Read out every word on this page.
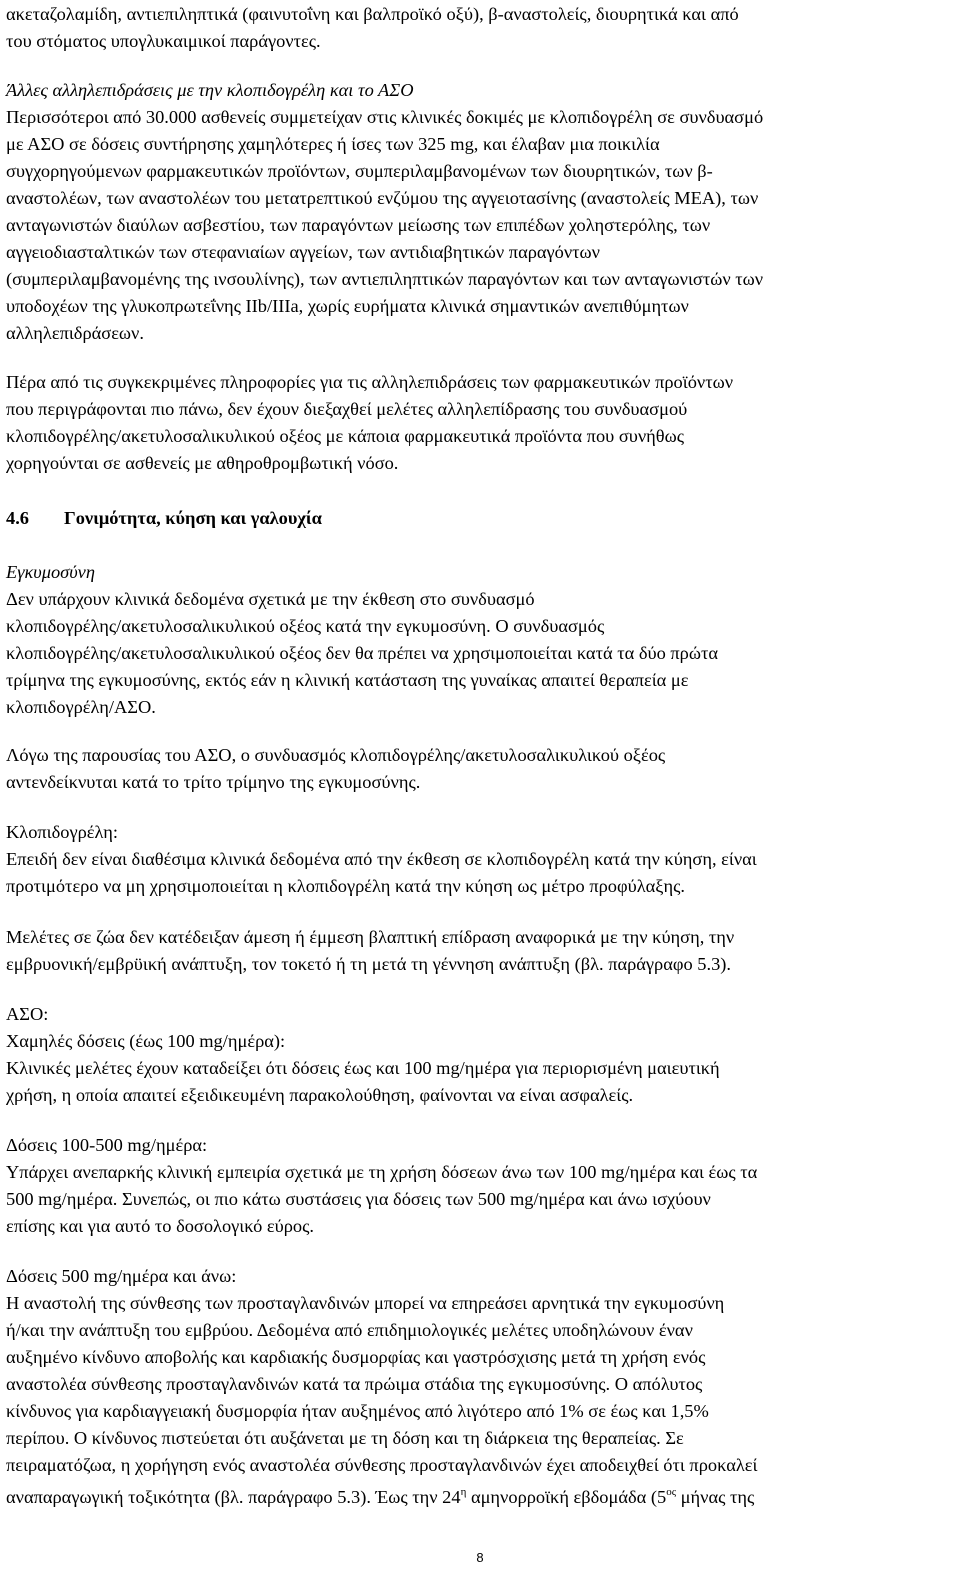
ακεταζολαμίδη, αντιεπιληπτικά (φαινυτοΐνη και βαλπροϊκό οξύ), β-αναστολείς, διουρητικά και από
του στόματος υπογλυκαιμικοί παράγοντες.
Άλλες αλληλεπιδράσεις με την κλοπιδογρέλη και το ΑΣΟ
Περισσότεροι από 30.000 ασθενείς συμμετείχαν στις κλινικές δοκιμές με κλοπιδογρέλη σε συνδυασμό
με ΑΣΟ σε δόσεις συντήρησης χαμηλότερες ή ίσες των 325 mg, και έλαβαν μια ποικιλία
συγχορηγούμενων φαρμακευτικών προϊόντων, συμπεριλαμβανομένων των διουρητικών, των β-
αναστολέων, των αναστολέων του μετατρεπτικού ενζύμου της αγγειοτασίνης (αναστολείς ΜΕΑ), των
ανταγωνιστών διαύλων ασβεστίου, των παραγόντων μείωσης των επιπέδων χοληστερόλης, των
αγγειοδιασταλτικών των στεφανιαίων αγγείων, των αντιδιαβητικών παραγόντων
(συμπεριλαμβανομένης της ινσουλίνης), των αντιεπιληπτικών παραγόντων και των ανταγωνιστών των
υποδοχέων της γλυκοπρωτεΐνης IIb/IIIa, χωρίς ευρήματα κλινικά σημαντικών ανεπιθύμητων
αλληλεπιδράσεων.
Πέρα από τις συγκεκριμένες πληροφορίες για τις αλληλεπιδράσεις των φαρμακευτικών προϊόντων
που περιγράφονται πιο πάνω, δεν έχουν διεξαχθεί μελέτες αλληλεπίδρασης του συνδυασμού
κλοπιδογρέλης/ακετυλοσαλικυλικού οξέος με κάποια φαρμακευτικά προϊόντα που συνήθως
χορηγούνται σε ασθενείς με αθηροθρομβωτική νόσο.
4.6 Γονιμότητα, κύηση και γαλουχία
Εγκυμοσύνη
Δεν υπάρχουν κλινικά δεδομένα σχετικά με την έκθεση στο συνδυασμό
κλοπιδογρέλης/ακετυλοσαλικυλικού οξέος κατά την εγκυμοσύνη. Ο συνδυασμός
κλοπιδογρέλης/ακετυλοσαλικυλικού οξέος δεν θα πρέπει να χρησιμοποιείται κατά τα δύο πρώτα
τρίμηνα της εγκυμοσύνης, εκτός εάν η κλινική κατάσταση της γυναίκας απαιτεί θεραπεία με
κλοπιδογρέλη/ΑΣΟ.
Λόγω της παρουσίας του ΑΣΟ, ο συνδυασμός κλοπιδογρέλης/ακετυλοσαλικυλικού οξέος
αντενδείκνυται κατά το τρίτο τρίμηνο της εγκυμοσύνης.
Κλοπιδογρέλη:
Επειδή δεν είναι διαθέσιμα κλινικά δεδομένα από την έκθεση σε κλοπιδογρέλη κατά την κύηση, είναι
προτιμότερο να μη χρησιμοποιείται η κλοπιδογρέλη κατά την κύηση ως μέτρο προφύλαξης.
Μελέτες σε ζώα δεν κατέδειξαν άμεση ή έμμεση βλαπτική επίδραση αναφορικά με την κύηση, την
εμβρυονική/εμβρϋική ανάπτυξη, τον τοκετό ή τη μετά τη γέννηση ανάπτυξη (βλ. παράγραφο 5.3).
ΑΣΟ:
Χαμηλές δόσεις (έως 100 mg/ημέρα):
Κλινικές μελέτες έχουν καταδείξει ότι δόσεις έως και 100 mg/ημέρα για περιορισμένη μαιευτική
χρήση, η οποία απαιτεί εξειδικευμένη παρακολούθηση, φαίνονται να είναι ασφαλείς.
Δόσεις 100-500 mg/ημέρα:
Υπάρχει ανεπαρκής κλινική εμπειρία σχετικά με τη χρήση δόσεων άνω των 100 mg/ημέρα και έως τα
500 mg/ημέρα. Συνεπώς, οι πιο κάτω συστάσεις για δόσεις των 500 mg/ημέρα και άνω ισχύουν
επίσης και για αυτό το δοσολογικό εύρος.
Δόσεις 500 mg/ημέρα και άνω:
Η αναστολή της σύνθεσης των προσταγλανδινών μπορεί να επηρεάσει αρνητικά την εγκυμοσύνη
ή/και την ανάπτυξη του εμβρύου. Δεδομένα από επιδημιολογικές μελέτες υποδηλώνουν έναν
αυξημένο κίνδυνο αποβολής και καρδιακής δυσμορφίας και γαστρόσχισης μετά τη χρήση ενός
αναστολέα σύνθεσης προσταγλανδινών κατά τα πρώιμα στάδια της εγκυμοσύνης. Ο απόλυτος
κίνδυνος για καρδιαγγειακή δυσμορφία ήταν αυξημένος από λιγότερο από 1% σε έως και 1,5%
περίπου. Ο κίνδυνος πιστεύεται ότι αυξάνεται με τη δόση και τη διάρκεια της θεραπείας. Σε
πειραματόζωα, η χορήγηση ενός αναστολέα σύνθεσης προσταγλανδινών έχει αποδειχθεί ότι προκαλεί
αναπαραγωγική τοξικότητα (βλ. παράγραφο 5.3). Έως την $24^\eta$ αμηνορροϊκή εβδομάδα ($5^{o\varsigma}$ μήνας της
8
